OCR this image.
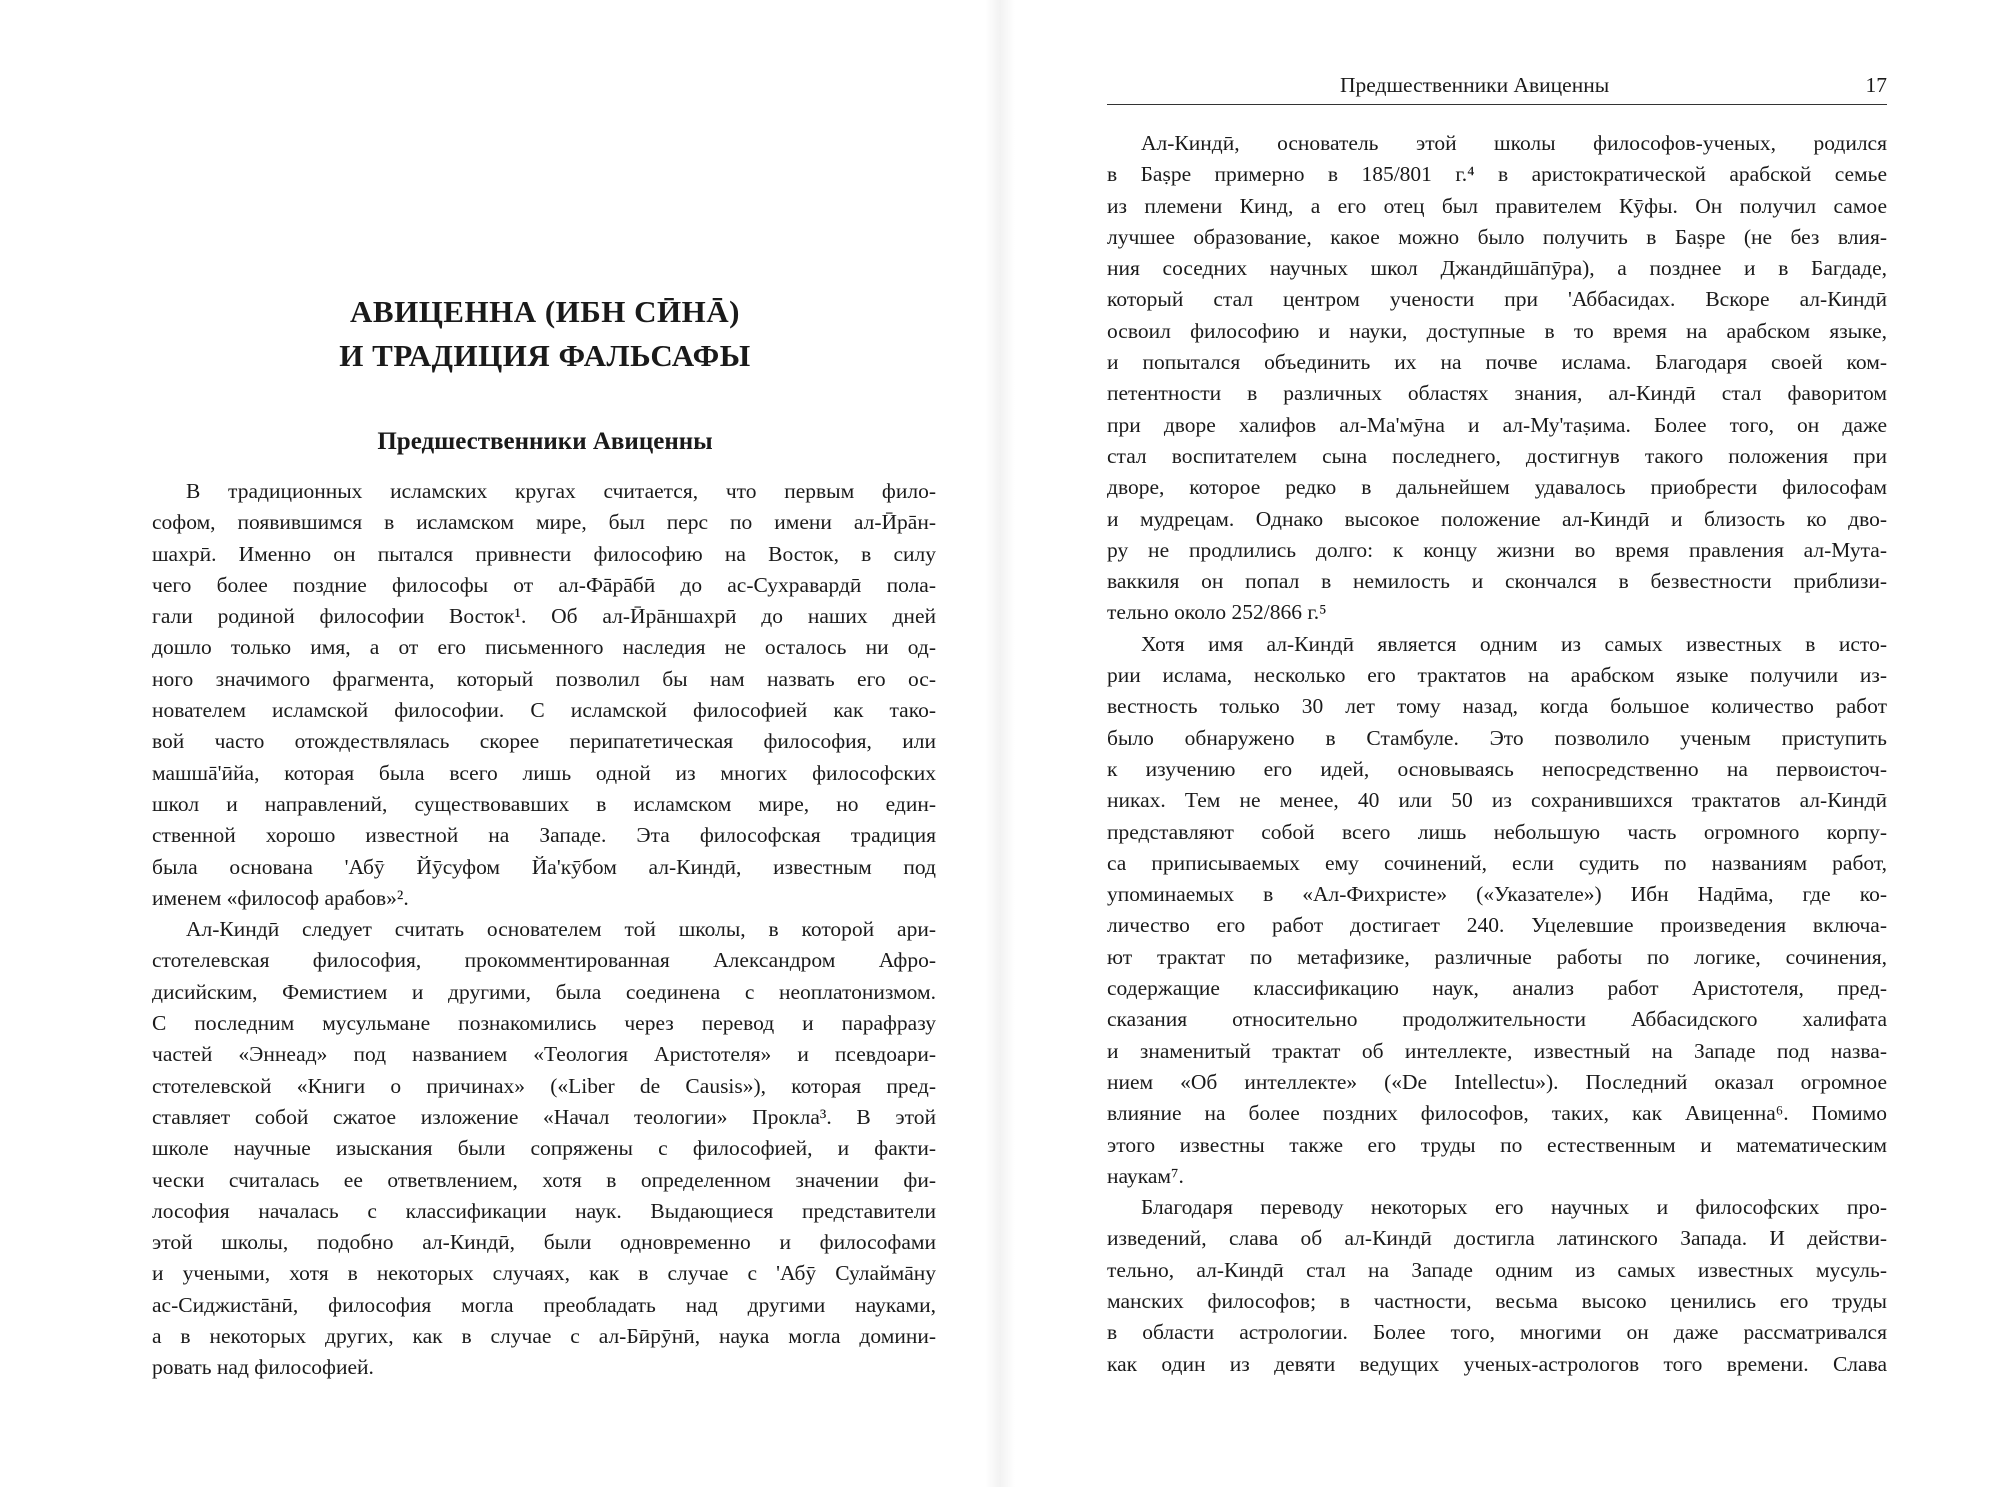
АВИЦЕННА (ИБН СӢНĀ)
И ТРАДИЦИЯ ФАЛЬСАФЫ
Предшественники Авиценны
В традиционных исламских кругах считается, что первым фило-
софом, появившимся в исламском мире, был перс по имени ал-Ӣрāн-
шахрӣ. Именно он пытался привнести философию на Восток, в силу
чего более поздние философы от ал-Фāрāбӣ до ас-Сухравардӣ пола-
гали родиной философии Восток¹. Об ал-Ӣрāншахрӣ до наших дней
дошло только имя, а от его письменного наследия не осталось ни од-
ного значимого фрагмента, который позволил бы нам назвать его ос-
нователем исламской философии. С исламской философией как тако-
вой часто отождествлялась скорее перипатетическая философия, или
машшā'ӣйа, которая была всего лишь одной из многих философских
школ и направлений, существовавших в исламском мире, но един-
ственной хорошо известной на Западе. Эта философская традиция
была основана 'Абӯ Йӯсуфом Йа'кӯбом ал-Киндӣ, известным под
именем «философ арабов»².
Ал-Киндӣ следует считать основателем той школы, в которой ари-
стотелевская философия, прокомментированная Александром Афро-
дисийским, Фемистием и другими, была соединена с неоплатонизмом.
С последним мусульмане познакомились через перевод и парафразу
частей «Эннеад» под названием «Теология Аристотеля» и псевдоари-
стотелевской «Книги о причинах» («Liber de Causis»), которая пред-
ставляет собой сжатое изложение «Начал теологии» Прокла³. В этой
школе научные изыскания были сопряжены с философией, и факти-
чески считалась ее ответвлением, хотя в определенном значении фи-
лософия началась с классификации наук. Выдающиеся представители
этой школы, подобно ал-Киндӣ, были одновременно и философами
и учеными, хотя в некоторых случаях, как в случае с 'Абӯ Сулаймāну
ас-Сиджистāнӣ, философия могла преобладать над другими науками,
а в некоторых других, как в случае с ал-Бӣрӯнӣ, наука могла домини-
ровать над философией.
Предшественники Авиценны	17
Ал-Киндӣ, основатель этой школы философов-ученых, родился
в Баṣре примерно в 185/801 г.⁴ в аристократической арабской семье
из племени Кинд, а его отец был правителем Кӯфы. Он получил самое
лучшее образование, какое можно было получить в Баṣре (не без влия-
ния соседних научных школ Джандӣшāпӯра), а позднее и в Багдаде,
который стал центром учености при 'Аббасидах. Вскоре ал-Киндӣ
освоил философию и науки, доступные в то время на арабском языке,
и попытался объединить их на почве ислама. Благодаря своей ком-
петентности в различных областях знания, ал-Киндӣ стал фаворитом
при дворе халифов ал-Ма'мӯна и ал-Му'таṣима. Более того, он даже
стал воспитателем сына последнего, достигнув такого положения при
дворе, которое редко в дальнейшем удавалось приобрести философам
и мудрецам. Однако высокое положение ал-Киндӣ и близость ко дво-
ру не продлились долго: к концу жизни во время правления ал-Мута-
ваккиля он попал в немилость и скончался в безвестности приблизи-
тельно около 252/866 г.⁵
Хотя имя ал-Киндӣ является одним из самых известных в исто-
рии ислама, несколько его трактатов на арабском языке получили из-
вестность только 30 лет тому назад, когда большое количество работ
было обнаружено в Стамбуле. Это позволило ученым приступить
к изучению его идей, основываясь непосредственно на первоисточ-
никах. Тем не менее, 40 или 50 из сохранившихся трактатов ал-Киндӣ
представляют собой всего лишь небольшую часть огромного корпу-
са приписываемых ему сочинений, если судить по названиям работ,
упоминаемых в «Ал-Фихристе» («Указателе») Ибн Надӣма, где ко-
личество его работ достигает 240. Уцелевшие произведения включа-
ют трактат по метафизике, различные работы по логике, сочинения,
содержащие классификацию наук, анализ работ Аристотеля, пред-
сказания относительно продолжительности Аббасидского халифата
и знаменитый трактат об интеллекте, известный на Западе под назва-
нием «Об интеллекте» («De Intellectu»). Последний оказал огромное
влияние на более поздних философов, таких, как Авиценна⁶. Помимо
этого известны также его труды по естественным и математическим
наукам⁷.
Благодаря переводу некоторых его научных и философских про-
изведений, слава об ал-Киндӣ достигла латинского Запада. И действи-
тельно, ал-Киндӣ стал на Западе одним из самых известных мусуль-
манских философов; в частности, весьма высоко ценились его труды
в области астрологии. Более того, многими он даже рассматривался
как один из девяти ведущих ученых-астрологов того времени. Слава
